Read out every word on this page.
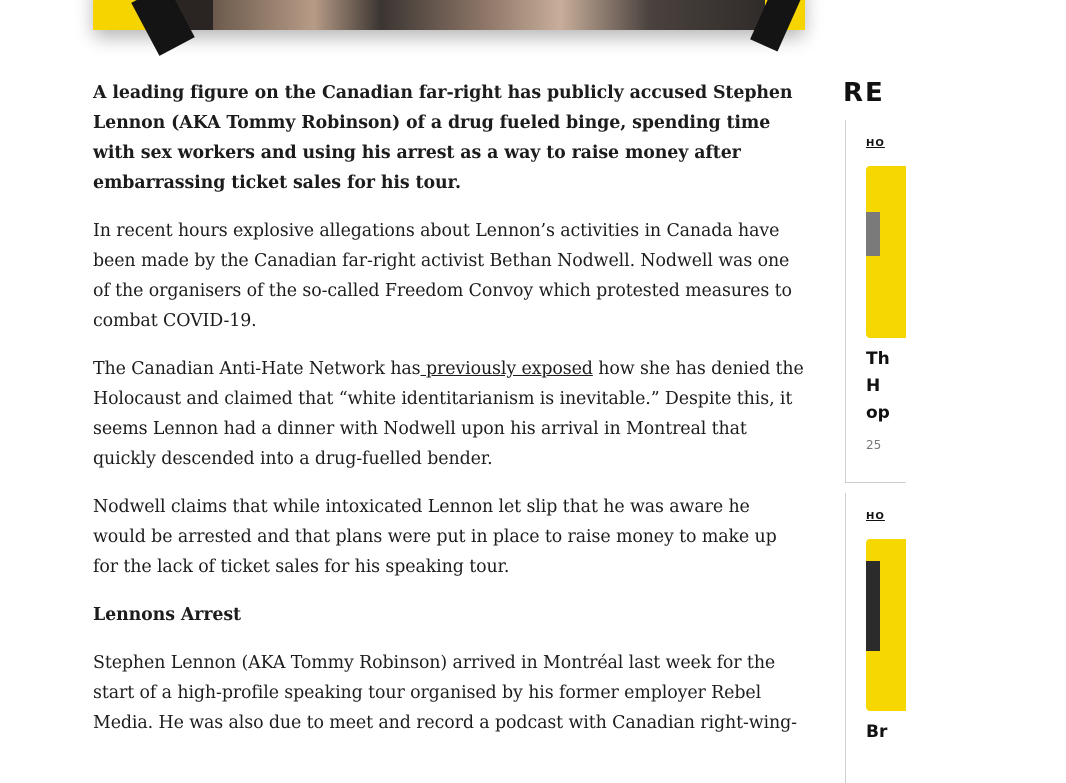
A leading figure on the Canadian far-right has publicly accused Stephen Lennon (AKA Tommy Robinson) of a drug fueled binge, spending time with sex workers and using his arrest as a way to raise money after embarrassing ticket sales for his tour.

In recent hours explosive allegations about Lennon’s activities in Canada have been made by the Canadian far-right activist Bethan Nodwell. Nodwell was one of the organisers of the so-called Freedom Convoy which protested measures to combat COVID-19.

The Canadian Anti-Hate Network has previously exposed how she has denied the Holocaust and claimed that “white identitarianism is inevitable.” Despite this, it seems Lennon had a dinner with Nodwell upon his arrival in Montreal that quickly descended into a drug-fuelled bender.

Nodwell claims that while intoxicated Lennon let slip that he was aware he would be arrested and that plans were put in place to raise money to make up for the lack of ticket sales for his speaking tour.

Lennons Arrest

Stephen Lennon (AKA Tommy Robinson) arrived in Montréal last week for the start of a high-profile speaking tour organised by his former employer Rebel Media. He was also due to meet and record a podcast with Canadian right-wing-

RE
HO
Th
H
op
25
HO
Br
